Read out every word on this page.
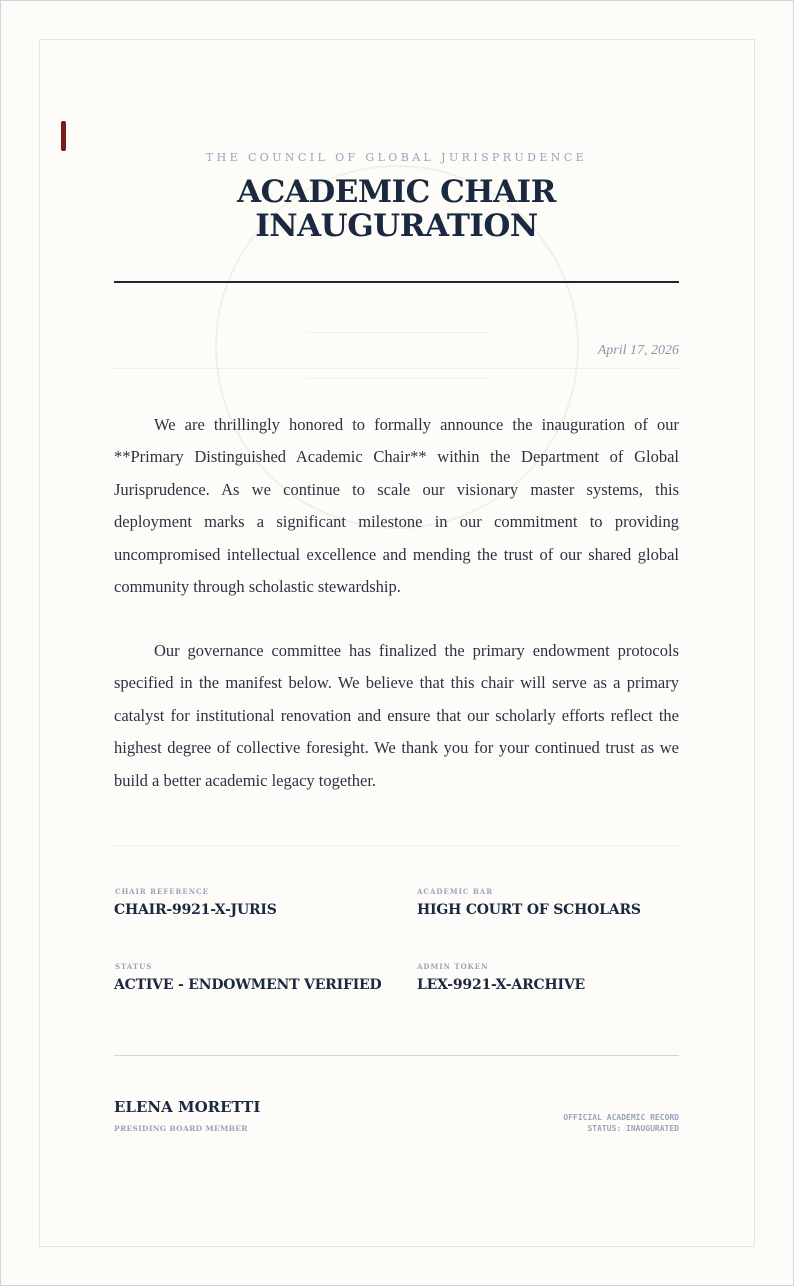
THE COUNCIL OF GLOBAL JURISPRUDENCE
ACADEMIC CHAIR INAUGURATION
April 17, 2026

We are thrillingly honored to formally announce the inauguration of our **Primary Distinguished Academic Chair** within the Department of Global Jurisprudence. As we continue to scale our visionary master systems, this deployment marks a significant milestone in our commitment to providing uncompromised intellectual excellence and mending the trust of our shared global community through scholastic stewardship.

Our governance committee has finalized the primary endowment protocols specified in the manifest below. We believe that this chair will serve as a primary catalyst for institutional renovation and ensure that our scholarly efforts reflect the highest degree of collective foresight. We thank you for your continued trust as we build a better academic legacy together.

CHAIR REFERENCE
CHAIR-9921-X-JURIS
ACADEMIC BAR
HIGH COURT OF SCHOLARS
STATUS
ACTIVE - ENDOWMENT VERIFIED
ADMIN TOKEN
LEX-9921-X-ARCHIVE
ELENA MORETTI
PRESIDING BOARD MEMBER
OFFICIAL ACADEMIC RECORD
STATUS: INAUGURATED
